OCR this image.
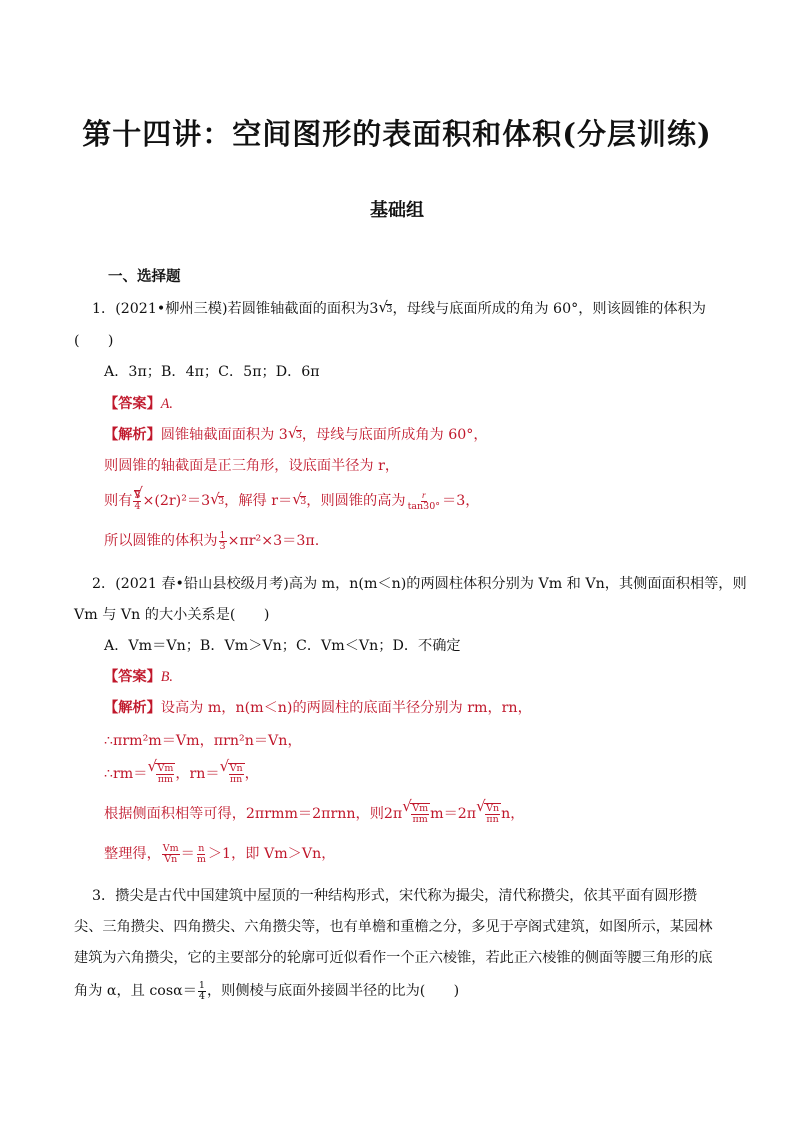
第十四讲：空间图形的表面积和体积(分层训练)
基础组
一、选择题
1．(2021•柳州三模)若圆锥轴截面的面积为3√ 3，母线与底面所成的角为 60°，则该圆锥的体积为
(　　)
A．3π；B．4π；C．5π；D．6π
【答案】A.
【解析】圆锥轴截面面积为 3√ 3，母线与底面所成角为 60°，
则圆锥的轴截面是正三角形，设底面半径为 r，
则有
√ $\frac{3}{4} \times(2r)^2=3√$ 3，解得 r＝√ 3，则圆锥的高为 $\frac{r}{\tan 30^\circ} =3$，
所以圆锥的体积为 $\frac{1}{3} \times\pi r^2\times 3=3\pi$.
2．(2021 春•铅山县校级月考)高为 m，n(m＜n)的两圆柱体积分别为 Vm 和 Vn，其侧面面积相等，则
Vm 与 Vn 的大小关系是(　　)
A．Vm＝Vn；B．Vm＞Vn；C．Vm＜Vn；D．不确定
【答案】B.
【解析】设高为 m，n(m＜n)的两圆柱的底面半径分别为 rm，rn，
∴πrm²m＝Vm，πrn²n＝Vn，
∴rm＝
√ $\frac{Vm}{\pi m}$ ，rn＝
√ $\frac{Vn}{\pi n}$ ，
根据侧面积相等可得，2πrmm＝2πrnn，则2π
√ $\frac{Vm}{\pi m} m=2\pi$
√ $\frac{Vn}{\pi n}$ n，
整理得， $\frac{Vm}{Vn} = \frac{n}{m} >1$，即 Vm＞Vn，
3．攒尖是古代中国建筑中屋顶的一种结构形式，宋代称为撮尖，清代称攒尖，依其平面有圆形攒
尖、三角攒尖、四角攒尖、六角攒尖等，也有单檐和重檐之分，多见于亭阁式建筑，如图所示，某园林
建筑为六角攒尖，它的主要部分的轮廓可近似看作一个正六棱锥，若此正六棱锥的侧面等腰三角形的底
角为 α，且 $\cos\alpha= \frac{1}{4}$ ，则侧棱与底面外接圆半径的比为(　　)
